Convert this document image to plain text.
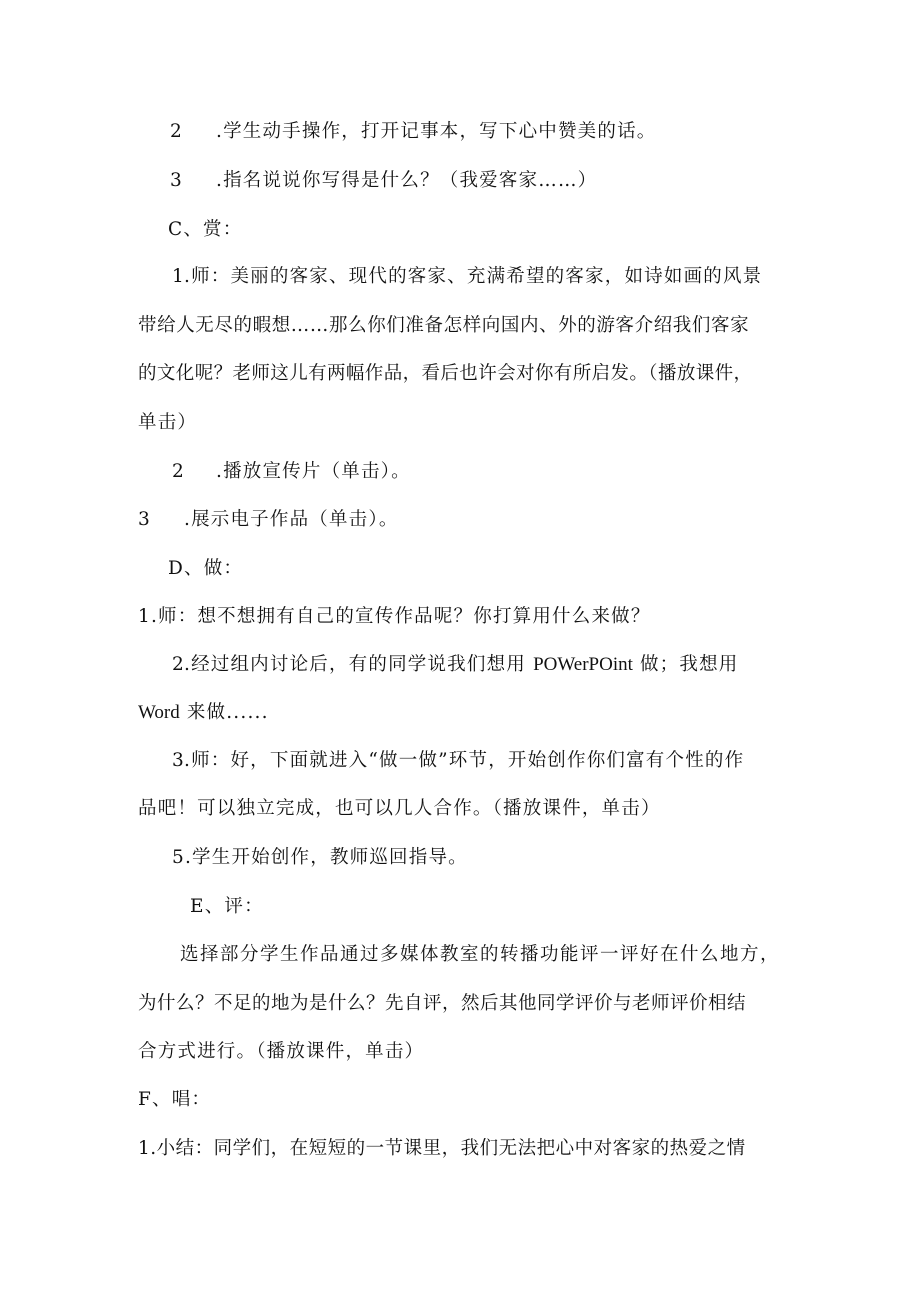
2 .学生动手操作，打开记事本，写下心中赞美的话。

3 .指名说说你写得是什么？（我爱客家……）

C、赏：

1.师：美丽的客家、现代的客家、充满希望的客家，如诗如画的风景

带给人无尽的暇想……那么你们准备怎样向国内、外的游客介绍我们客家

的文化呢？老师这儿有两幅作品，看后也许会对你有所启发。（播放课件，

单击）

2 .播放宣传片（单击）。

3 .展示电子作品（单击）。

D、做：

1.师：想不想拥有自己的宣传作品呢？你打算用什么来做？

2.经过组内讨论后，有的同学说我们想用 POWerPOint 做；我想用

Word 来做......

3.师：好，下面就进入“做一做”环节，开始创作你们富有个性的作

品吧！可以独立完成，也可以几人合作。（播放课件，单击）

5.学生开始创作，教师巡回指导。

E、评：

选择部分学生作品通过多媒体教室的转播功能评一评好在什么地方，

为什么？不足的地为是什么？先自评，然后其他同学评价与老师评价相结

合方式进行。（播放课件，单击）

F、唱：

1.小结：同学们，在短短的一节课里，我们无法把心中对客家的热爱之情
